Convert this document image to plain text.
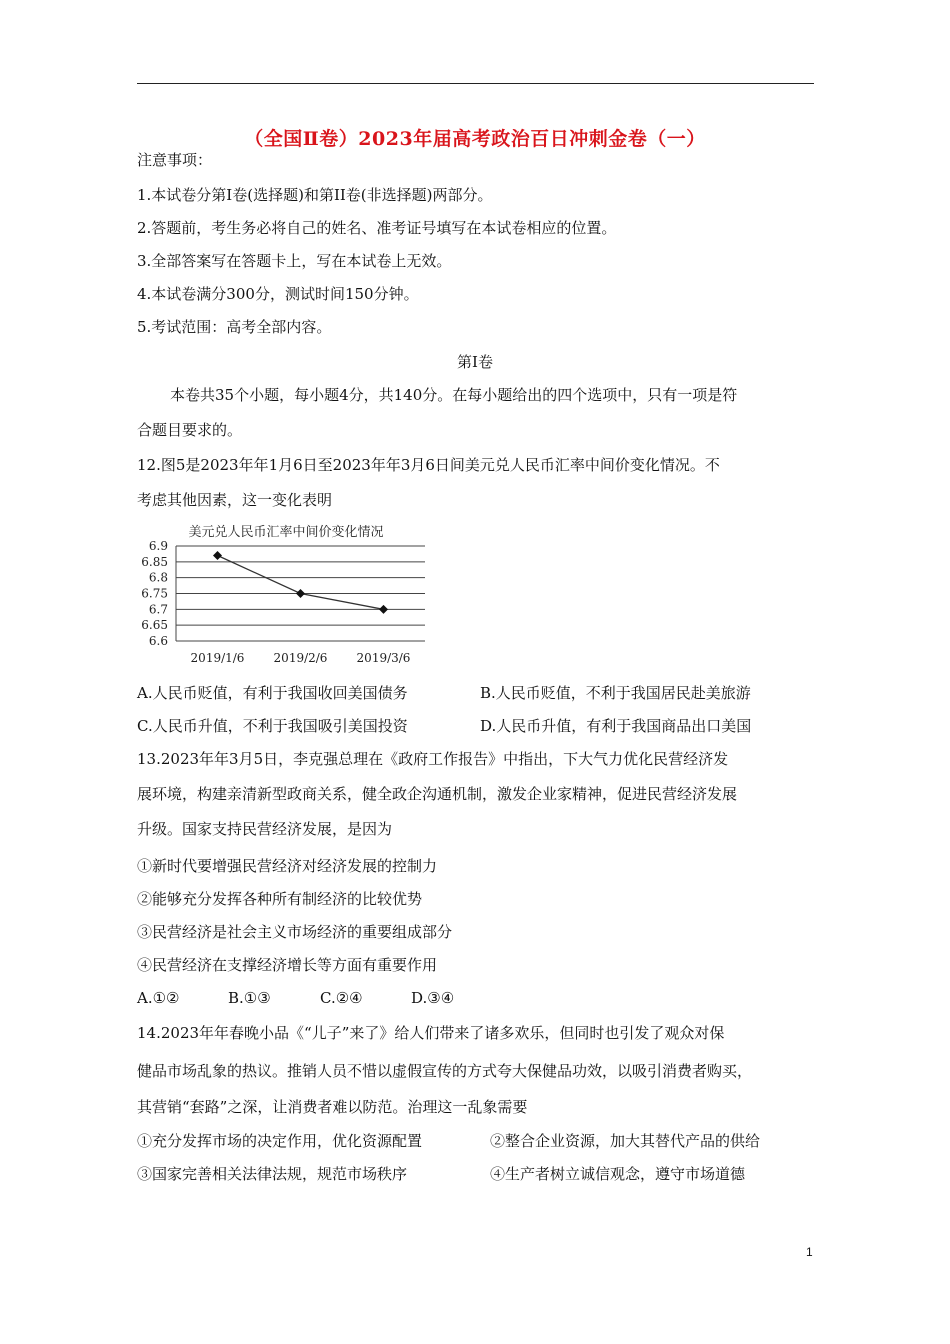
（全国Ⅱ卷）2023年届高考政治百日冲刺金卷（一）
注意事项：
1.本试卷分第Ⅰ卷(选择题)和第II卷(非选择题)两部分。
2.答题前，考生务必将自己的姓名、准考证号填写在本试卷相应的位置。
3.全部答案写在答题卡上，写在本试卷上无效。
4.本试卷满分300分，测试时间150分钟。
5.考试范围：高考全部内容。
第Ⅰ卷
本卷共35个小题，每小题4分，共140分。在每小题给出的四个选项中，只有一项是符
合题目要求的。
12.图5是2023年年1月6日至2023年年3月6日间美元兑人民币汇率中间价变化情况。不
考虑其他因素，这一变化表明
美元兑人民币汇率中间价变化情况
6.9
6.85
6.8
6.75
6.7
6.65
6.6
2019/1/6 2019/2/6 2019/3/6
A.人民币贬值，有利于我国收回美国债务	B.人民币贬值，不利于我国居民赴美旅游
C.人民币升值，不利于我国吸引美国投资	D.人民币升值，有利于我国商品出口美国
13.2023年年3月5日，李克强总理在《政府工作报告》中指出，下大气力优化民营经济发
展环境，构建亲清新型政商关系，健全政企沟通机制，激发企业家精神，促进民营经济发展
升级。国家支持民营经济发展，是因为
①新时代要增强民营经济对经济发展的控制力
②能够充分发挥各种所有制经济的比较优势
③民营经济是社会主义市场经济的重要组成部分
④民营经济在支撑经济增长等方面有重要作用
A.①②	B.①③	C.②④	D.③④
14.2023年年春晚小品《“儿子”来了》给人们带来了诸多欢乐，但同时也引发了观众对保
健品市场乱象的热议。推销人员不惜以虚假宣传的方式夸大保健品功效，以吸引消费者购买，
其营销“套路”之深，让消费者难以防范。治理这一乱象需要
①充分发挥市场的决定作用，优化资源配置	②整合企业资源，加大其替代产品的供给
③国家完善相关法律法规，规范市场秩序	④生产者树立诚信观念，遵守市场道德
1
